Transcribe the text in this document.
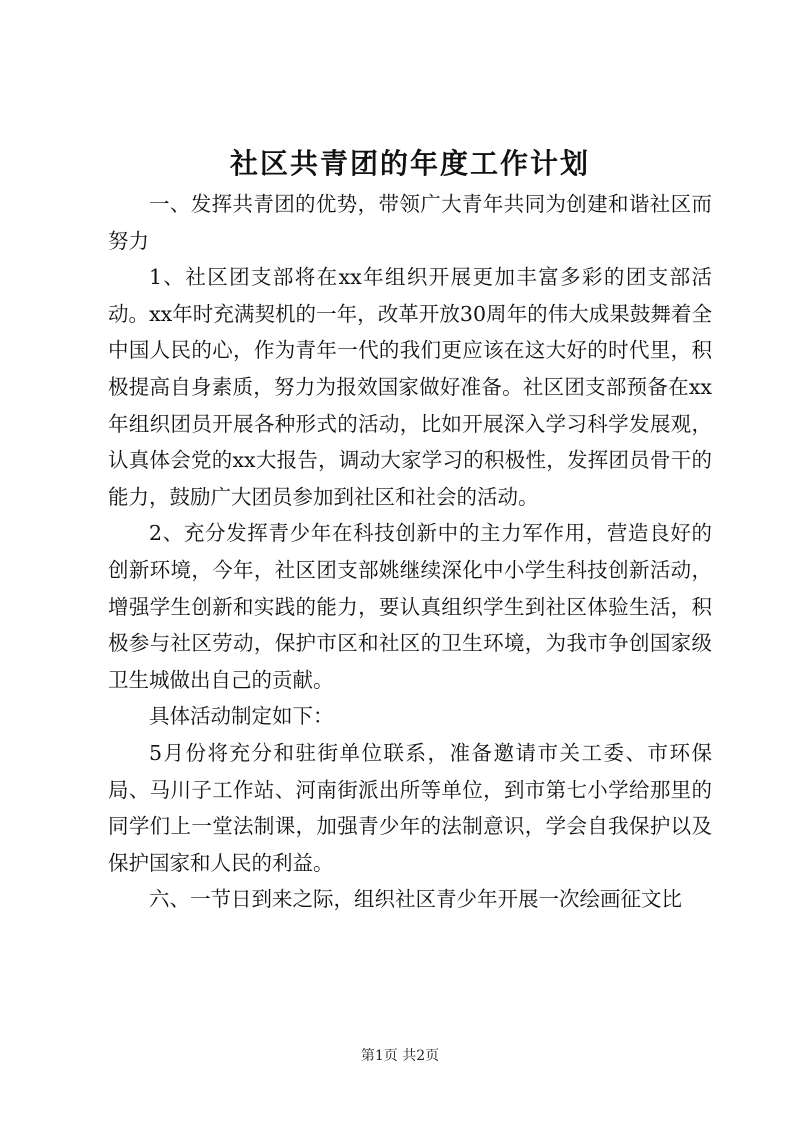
社区共青团的年度工作计划

一、发挥共青团的优势，带领广大青年共同为创建和谐社区而努力

1、社区团支部将在xx年组织开展更加丰富多彩的团支部活动。xx年时充满契机的一年，改革开放30周年的伟大成果鼓舞着全中国人民的心，作为青年一代的我们更应该在这大好的时代里，积极提高自身素质，努力为报效国家做好准备。社区团支部预备在xx年组织团员开展各种形式的活动，比如开展深入学习科学发展观，认真体会党的xx大报告，调动大家学习的积极性，发挥团员骨干的能力，鼓励广大团员参加到社区和社会的活动。

2、充分发挥青少年在科技创新中的主力军作用，营造良好的创新环境，今年，社区团支部姚继续深化中小学生科技创新活动，增强学生创新和实践的能力，要认真组织学生到社区体验生活，积极参与社区劳动，保护市区和社区的卫生环境，为我市争创国家级卫生城做出自己的贡献。

具体活动制定如下：

5月份将充分和驻街单位联系，准备邀请市关工委、市环保局、马川子工作站、河南街派出所等单位，到市第七小学给那里的同学们上一堂法制课，加强青少年的法制意识，学会自我保护以及保护国家和人民的利益。

六、一节日到来之际，组织社区青少年开展一次绘画征文比

第1页 共2页
